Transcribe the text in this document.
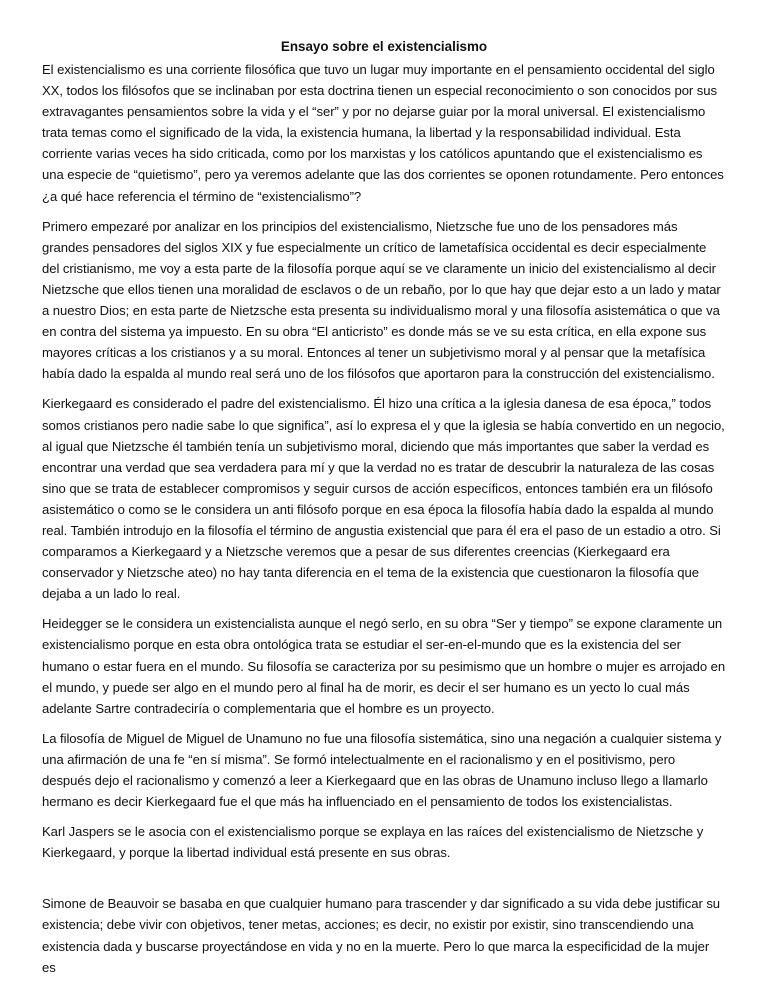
Ensayo sobre el existencialismo

El existencialismo es una corriente filosófica que tuvo un lugar muy importante en el pensamiento occidental del siglo XX, todos los filósofos que se inclinaban por esta doctrina tienen un especial reconocimiento o son conocidos por sus extravagantes pensamientos sobre la vida y el “ser” y por no dejarse guiar por la moral universal. El existencialismo trata temas como el significado de la vida, la existencia humana, la libertad y la responsabilidad individual. Esta corriente varias veces ha sido criticada, como por los marxistas y los católicos apuntando que el existencialismo es una especie de “quietismo”, pero ya veremos adelante que las dos corrientes se oponen rotundamente. Pero entonces ¿a qué hace referencia el término de “existencialismo”?

Primero empezaré por analizar en los principios del existencialismo, Nietzsche fue uno de los pensadores más grandes pensadores del siglos XIX y fue especialmente un crítico de lametafísica occidental es decir especialmente del cristianismo, me voy a esta parte de la filosofía porque aquí se ve claramente un inicio del existencialismo al decir Nietzsche que ellos tienen una moralidad de esclavos o de un rebaño, por lo que hay que dejar esto a un lado y matar a nuestro Dios; en esta parte de Nietzsche esta presenta su individualismo moral y una filosofía asistemática o que va en contra del sistema ya impuesto. En su obra “El anticristo” es donde más se ve su esta crítica, en ella expone sus mayores críticas a los cristianos y a su moral. Entonces al tener un subjetivismo moral y al pensar que la metafísica había dado la espalda al mundo real será uno de los filósofos que aportaron para la construcción del existencialismo.

Kierkegaard es considerado el padre del existencialismo. Él hizo una crítica a la iglesia danesa de esa época,” todos somos cristianos pero nadie sabe lo que significa”, así lo expresa el y que la iglesia se había convertido en un negocio, al igual que Nietzsche él también tenía un subjetivismo moral, diciendo que más importantes que saber la verdad es encontrar una verdad que sea verdadera para mí y que la verdad no es tratar de descubrir la naturaleza de las cosas sino que se trata de establecer compromisos y seguir cursos de acción específicos, entonces también era un filósofo asistemático o como se le considera un anti filósofo porque en esa época la filosofía había dado la espalda al mundo real. También introdujo en la filosofía el término de angustia existencial que para él era el paso de un estadio a otro. Si comparamos a Kierkegaard y a Nietzsche veremos que a pesar de sus diferentes creencias (Kierkegaard era conservador y Nietzsche ateo) no hay tanta diferencia en el tema de la existencia que cuestionaron la filosofía que dejaba a un lado lo real.

Heidegger se le considera un existencialista aunque el negó serlo, en su obra “Ser y tiempo” se expone claramente un existencialismo porque en esta obra ontológica trata se estudiar el ser-en-el-mundo que es la existencia del ser humano o estar fuera en el mundo. Su filosofía se caracteriza por su pesimismo que un hombre o mujer es arrojado en el mundo, y puede ser algo en el mundo pero al final ha de morir, es decir el ser humano es un yecto lo cual más adelante Sartre contradeciría o complementaria que el hombre es un proyecto.

La filosofía de Miguel de Miguel de Unamuno no fue una filosofía sistemática, sino una negación a cualquier sistema y una afirmación de una fe “en sí misma”. Se formó intelectualmente en el racionalismo y en el positivismo, pero después dejo el racionalismo y comenzó a leer a Kierkegaard que en las obras de Unamuno incluso llego a llamarlo hermano es decir Kierkegaard fue el que más ha influenciado en el pensamiento de todos los existencialistas.

Karl Jaspers se le asocia con el existencialismo porque se explaya en las raíces del existencialismo de Nietzsche y Kierkegaard, y porque la libertad individual está presente en sus obras.

Simone de Beauvoir se basaba en que cualquier humano para trascender y dar significado a su vida debe justificar su existencia; debe vivir con objetivos, tener metas, acciones; es decir, no existir por existir, sino transcendiendo una existencia dada y buscarse proyectándose en vida y no en la muerte. Pero lo que marca la especificidad de la mujer es
